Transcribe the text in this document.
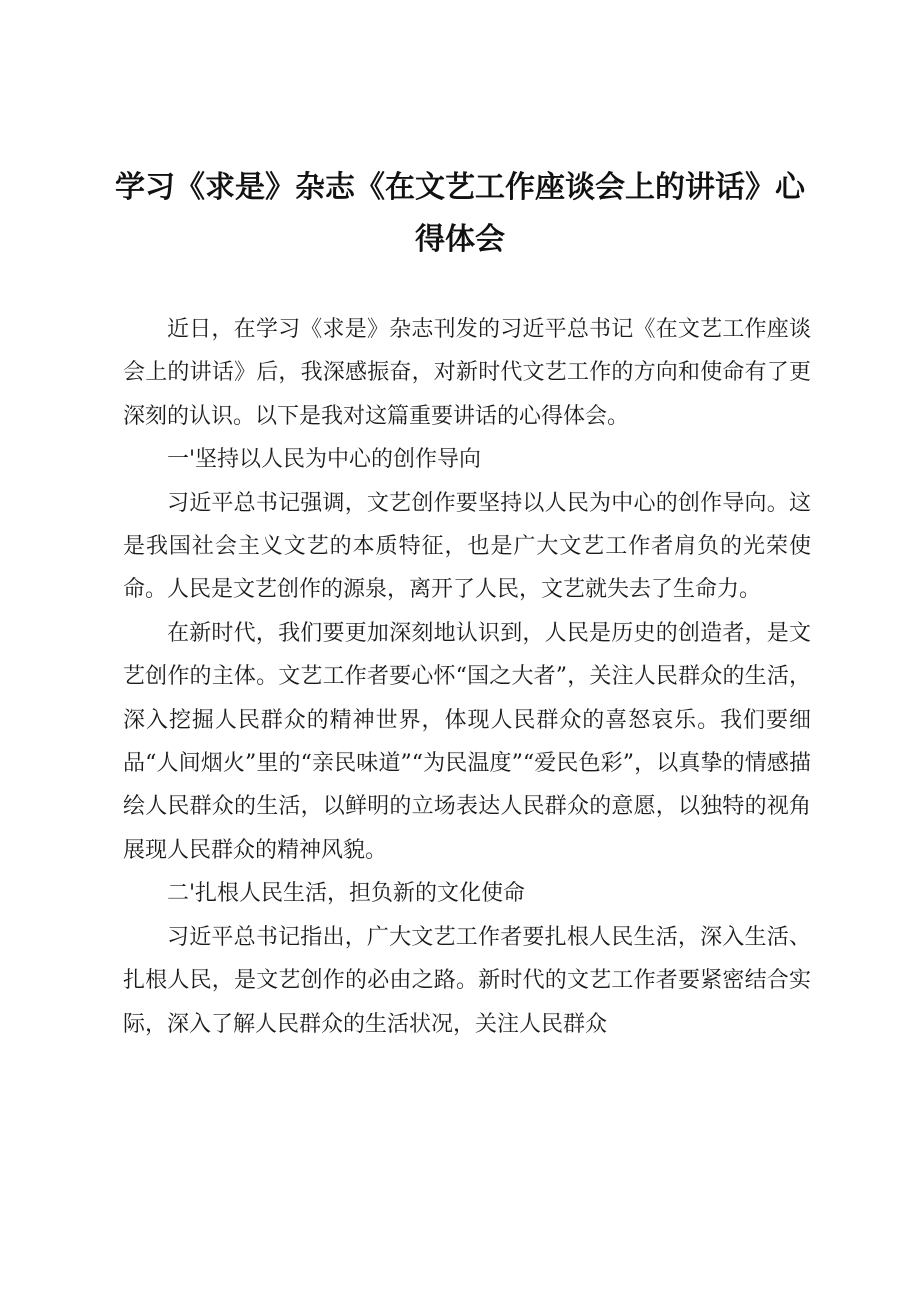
学习《求是》杂志《在文艺工作座谈会上的讲话》心得体会

近日，在学习《求是》杂志刊发的习近平总书记《在文艺工作座谈会上的讲话》后，我深感振奋，对新时代文艺工作的方向和使命有了更深刻的认识。以下是我对这篇重要讲话的心得体会。

一'坚持以人民为中心的创作导向

习近平总书记强调，文艺创作要坚持以人民为中心的创作导向。这是我国社会主义文艺的本质特征，也是广大文艺工作者肩负的光荣使命。人民是文艺创作的源泉，离开了人民，文艺就失去了生命力。

在新时代，我们要更加深刻地认识到，人民是历史的创造者，是文艺创作的主体。文艺工作者要心怀“国之大者”，关注人民群众的生活，深入挖掘人民群众的精神世界，体现人民群众的喜怒哀乐。我们要细品“人间烟火”里的“亲民味道”“为民温度”“爱民色彩”，以真挚的情感描绘人民群众的生活，以鲜明的立场表达人民群众的意愿，以独特的视角展现人民群众的精神风貌。

二'扎根人民生活，担负新的文化使命

习近平总书记指出，广大文艺工作者要扎根人民生活，深入生活、扎根人民，是文艺创作的必由之路。新时代的文艺工作者要紧密结合实际，深入了解人民群众的生活状况，关注人民群众
